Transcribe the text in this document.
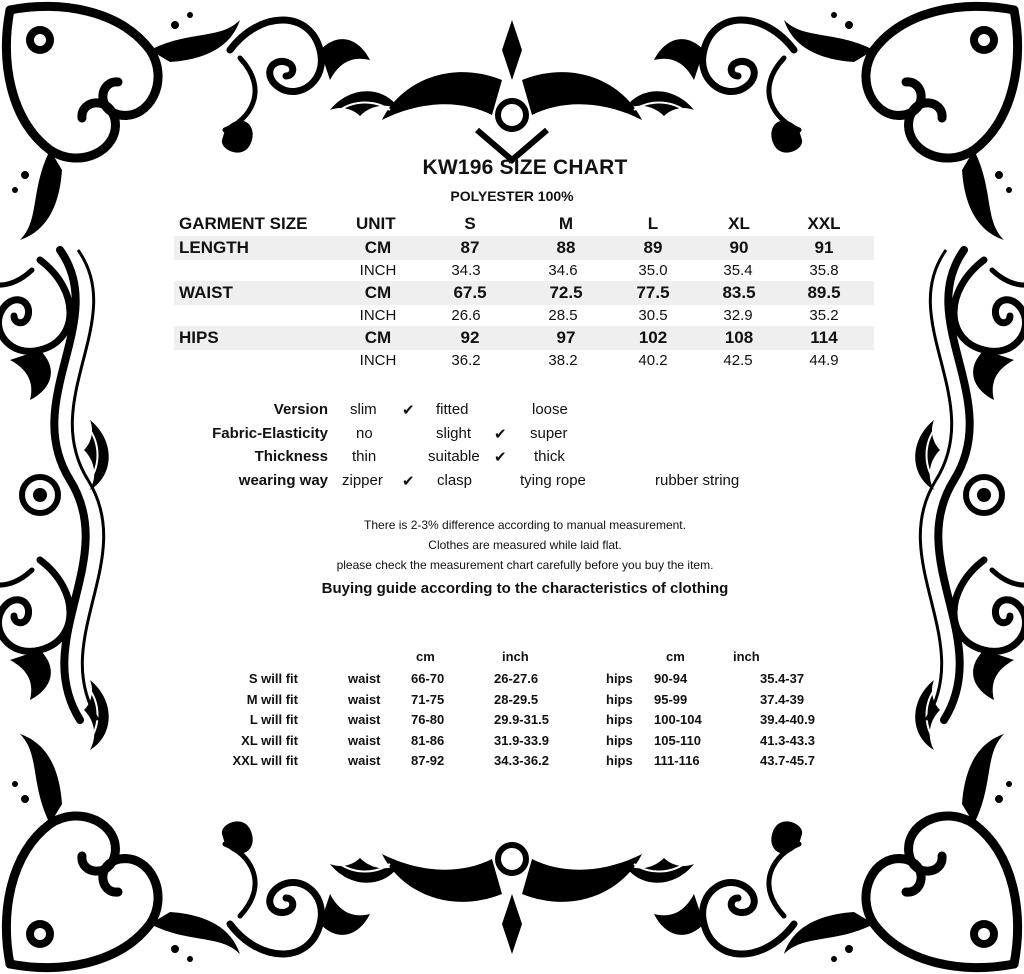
KW196 SIZE CHART
POLYESTER 100%
GARMENT SIZE	UNIT	S	M	L	XL	XXL
LENGTH	CM	87	88	89	90	91
INCH	34.3	34.6	35.0	35.4	35.8
WAIST	CM	67.5	72.5	77.5	83.5	89.5
INCH	26.6	28.5	30.5	32.9	35.2
HIPS	CM	92	97	102	108	114
INCH	36.2	38.2	40.2	42.5	44.9
Version slim ✔ fitted	loose
Fabric-Elasticity no	slight ✔ super
Thickness thin	suitable ✔ thick
wearing way zipper ✔ clasp	tying rope	rubber string
There is 2-3% difference according to manual measurement.
Clothes are measured while laid flat.
please check the measurement chart carefully before you buy the item.
Buying guide according to the characteristics of clothing
cm	inch	cm	inch
S will fit	waist 66-70	26-27.6	hips 90-94	35.4-37
M will fit	waist 71-75	28-29.5	hips 95-99	37.4-39
L will fit	waist 76-80	29.9-31.5	hips 100-104	39.4-40.9
XL will fit	waist 81-86	31.9-33.9	hips 105-110	41.3-43.3
XXL will fit	waist 87-92	34.3-36.2	hips 111-116	43.7-45.7
